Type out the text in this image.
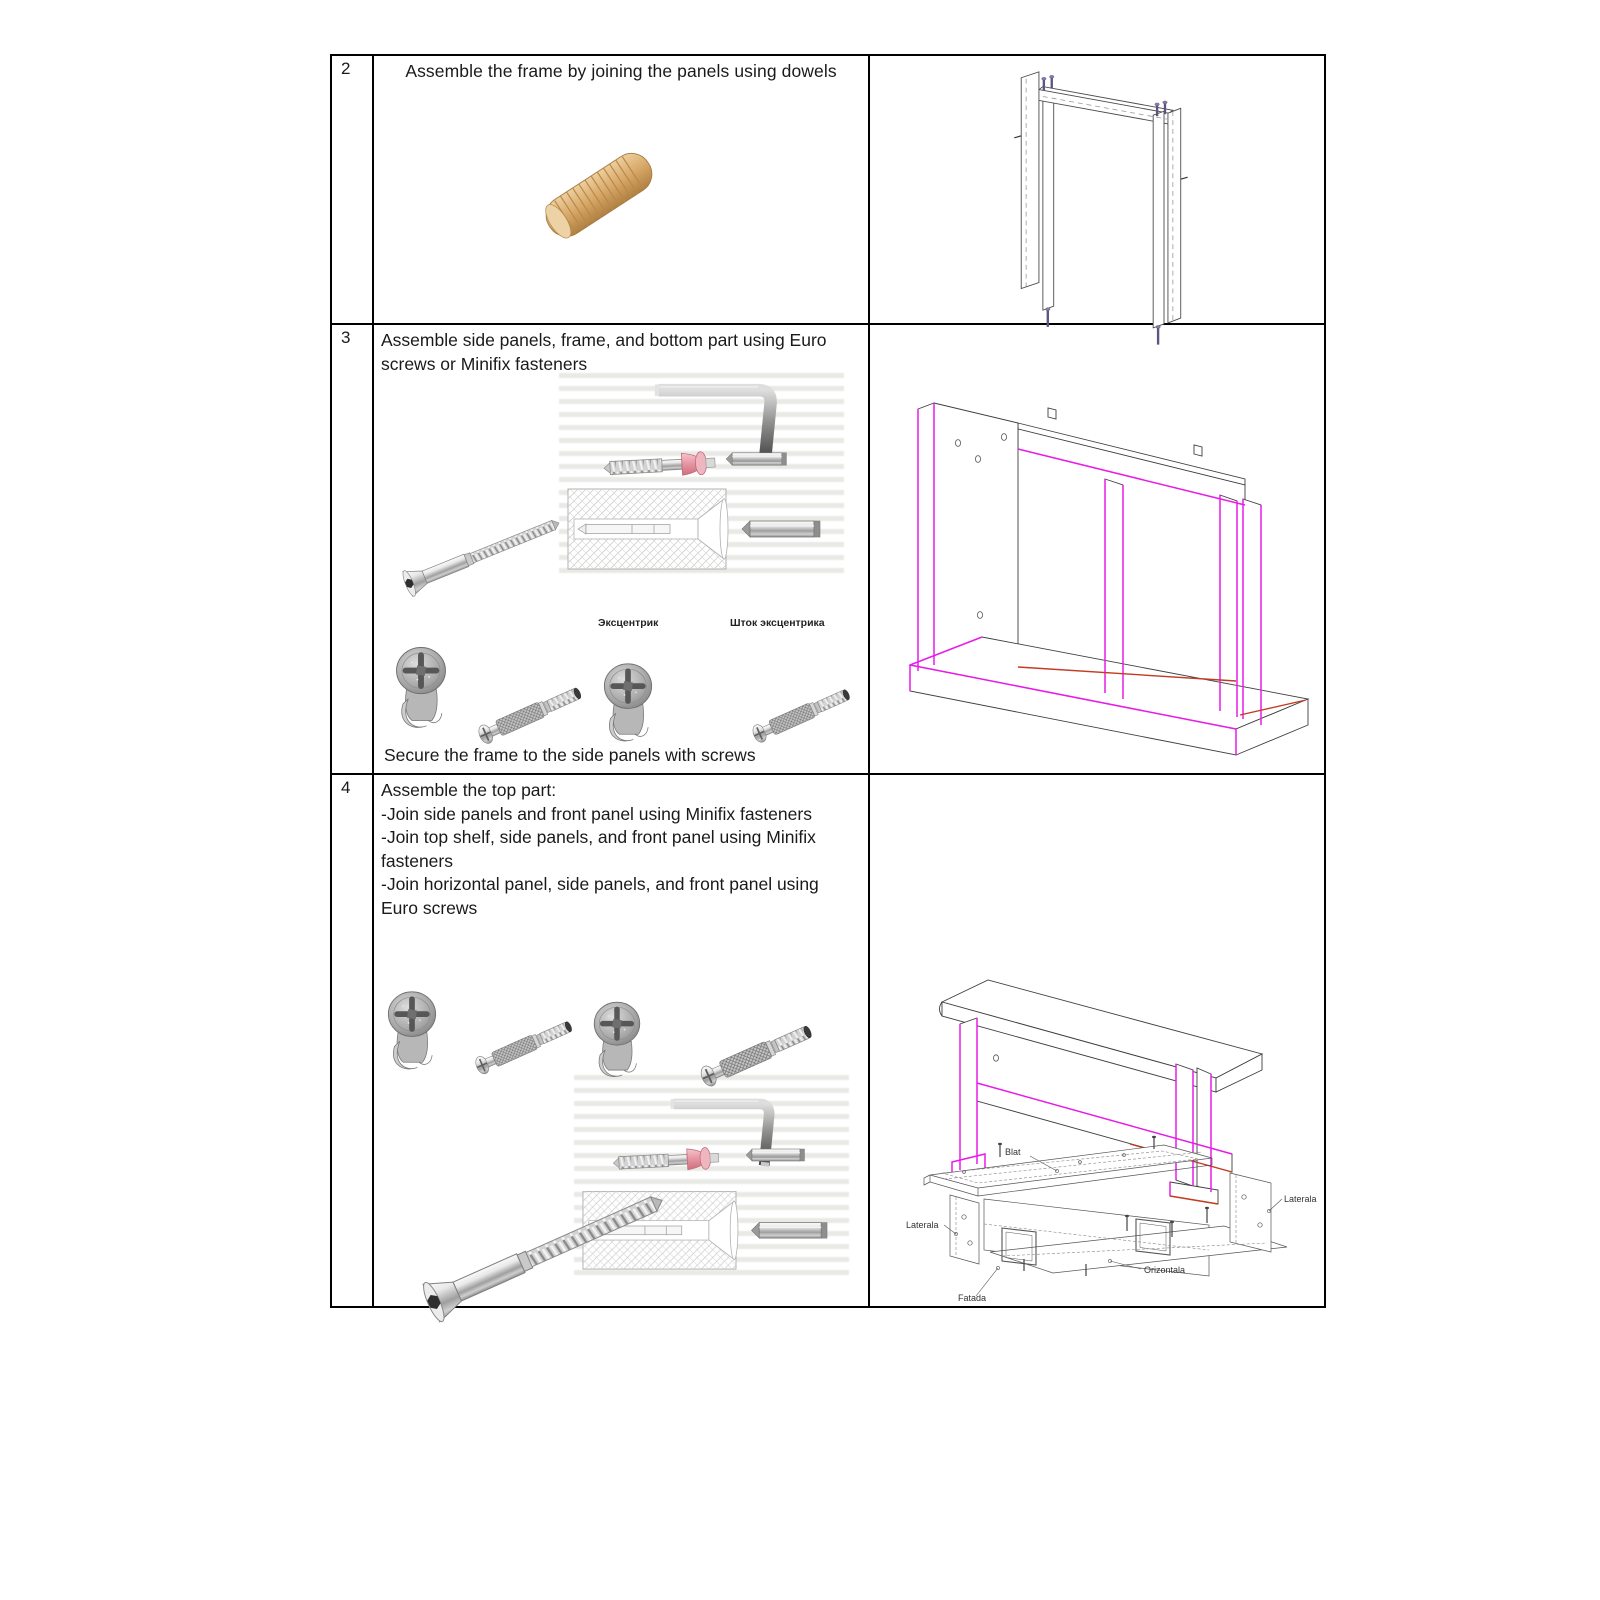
2	Assemble the frame by joining the panels using dowels
3	Assemble side panels, frame, and bottom part using Euro screws or Minifix fasteners
Эксцентрик	Шток эксцентрика
Secure the frame to the side panels with screws
4	Assemble the top part:
-Join side panels and front panel using Minifix fasteners
-Join top shelf, side panels, and front panel using Minifix fasteners
-Join horizontal panel, side panels, and front panel using Euro screws
Blat
Laterala
Laterala
Orizontala
Fatada
